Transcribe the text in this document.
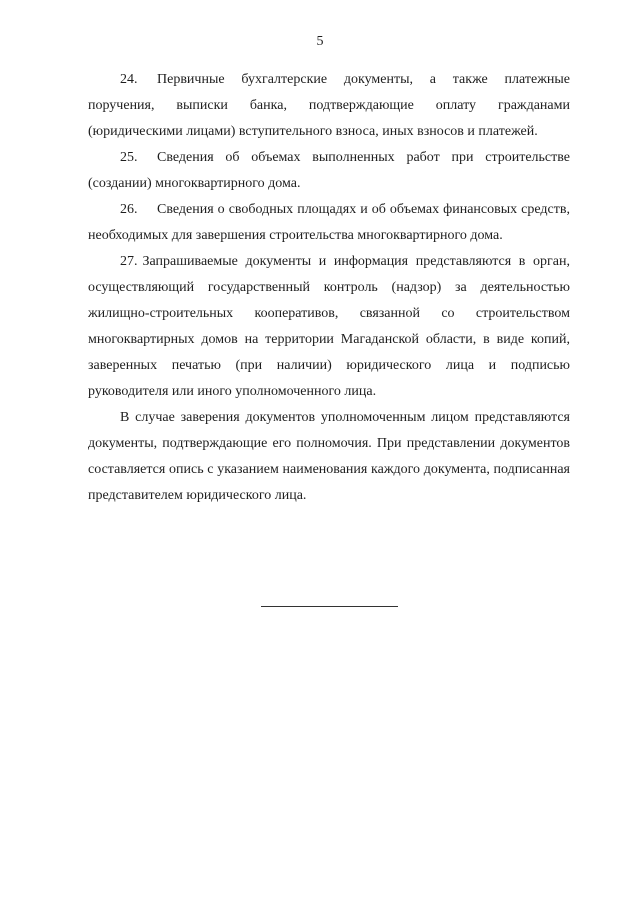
5

24. Первичные бухгалтерские документы, а также платежные поручения, выписки банка, подтверждающие оплату гражданами (юридическими лицами) вступительного взноса, иных взносов и платежей.

25. Сведения об объемах выполненных работ при строительстве (создании) многоквартирного дома.

26. Сведения о свободных площадях и об объемах финансовых средств, необходимых для завершения строительства многоквартирного дома.

27. Запрашиваемые документы и информация представляются в орган, осуществляющий государственный контроль (надзор) за деятельностью жилищно-строительных кооперативов, связанной со строительством многоквартирных домов на территории Магаданской области, в виде копий, заверенных печатью (при наличии) юридического лица и подписью руководителя или иного уполномоченного лица.

В случае заверения документов уполномоченным лицом представляются документы, подтверждающие его полномочия. При представлении документов составляется опись с указанием наименования каждого документа, подписанная представителем юридического лица.
